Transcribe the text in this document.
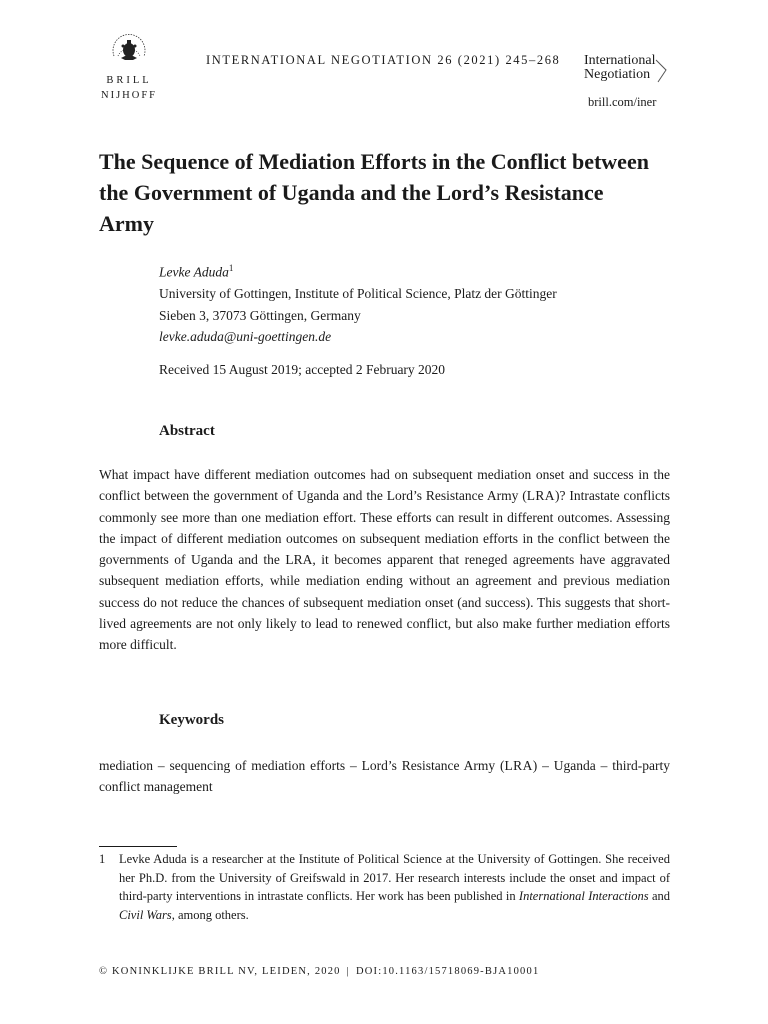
BRILL
NIJHOFF
INTERNATIONAL NEGOTIATION 26 (2021) 245–268 International
Negotiation
brill.com/iner
The Sequence of Mediation Efforts in the Conflict between the Government of Uganda and the Lord’s Resistance Army
Levke Aduda$^1$
University of Gottingen, Institute of Political Science, Platz der Göttinger
Sieben 3, 37073 Göttingen, Germany
levke.aduda@uni-goettingen.de
Received 15 August 2019; accepted 2 February 2020
Abstract
What impact have different mediation outcomes had on subsequent mediation onset and success in the conflict between the government of Uganda and the Lord’s Resistance Army (LRA)? Intrastate conflicts commonly see more than one mediation effort. These efforts can result in different outcomes. Assessing the impact of different mediation outcomes on subsequent mediation efforts in the conflict between the governments of Uganda and the LRA, it becomes apparent that reneged agreements have aggravated subsequent mediation efforts, while mediation ending without an agreement and previous mediation success do not reduce the chances of subsequent mediation onset (and success). This suggests that short-lived agreements are not only likely to lead to renewed conflict, but also make further mediation efforts more difficult.
Keywords
mediation – sequencing of mediation efforts – Lord’s Resistance Army (LRA) – Uganda – third-party conflict management
1 Levke Aduda is a researcher at the Institute of Political Science at the University of Gottingen. She received her Ph.D. from the University of Greifswald in 2017. Her research interests include the onset and impact of third-party interventions in intrastate conflicts. Her work has been published in International Interactions and Civil Wars, among others.
© KONINKLIJKE BRILL NV, LEIDEN, 2020 | DOI:10.1163/15718069-BJA10001
